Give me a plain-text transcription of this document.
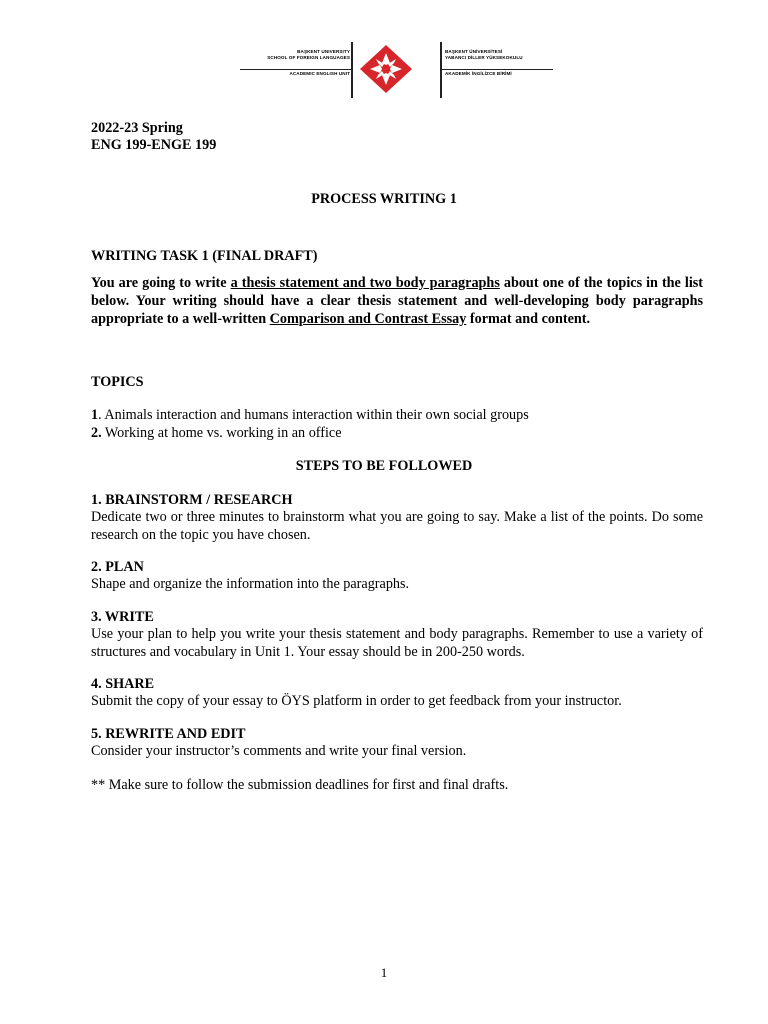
BAŞKENT UNIVERSITY
SCHOOL OF FOREIGN LANGUAGES
ACADEMIC ENGLISH UNIT
BAŞKENT ÜNİVERSİTESİ
YABANCI DİLLER YÜKSEKOKULU
AKADEMİK İNGİLİZCE BİRİMİ
2022-23 Spring
ENG 199-ENGE 199
PROCESS WRITING 1
WRITING TASK 1 (FINAL DRAFT)
You are going to write a thesis statement and two body paragraphs about one of the topics in the list below. Your writing should have a clear thesis statement and well-developing body paragraphs appropriate to a well-written Comparison and Contrast Essay format and content.
TOPICS
1. Animals interaction and humans interaction within their own social groups
2. Working at home vs. working in an office
STEPS TO BE FOLLOWED
1. BRAINSTORM / RESEARCH
Dedicate two or three minutes to brainstorm what you are going to say. Make a list of the points. Do some research on the topic you have chosen.
2. PLAN
Shape and organize the information into the paragraphs.
3. WRITE
Use your plan to help you write your thesis statement and body paragraphs. Remember to use a variety of structures and vocabulary in Unit 1. Your essay should be in 200-250 words.
4. SHARE
Submit the copy of your essay to ÖYS platform in order to get feedback from your instructor.
5. REWRITE AND EDIT
Consider your instructor’s comments and write your final version.
** Make sure to follow the submission deadlines for first and final drafts.
1
